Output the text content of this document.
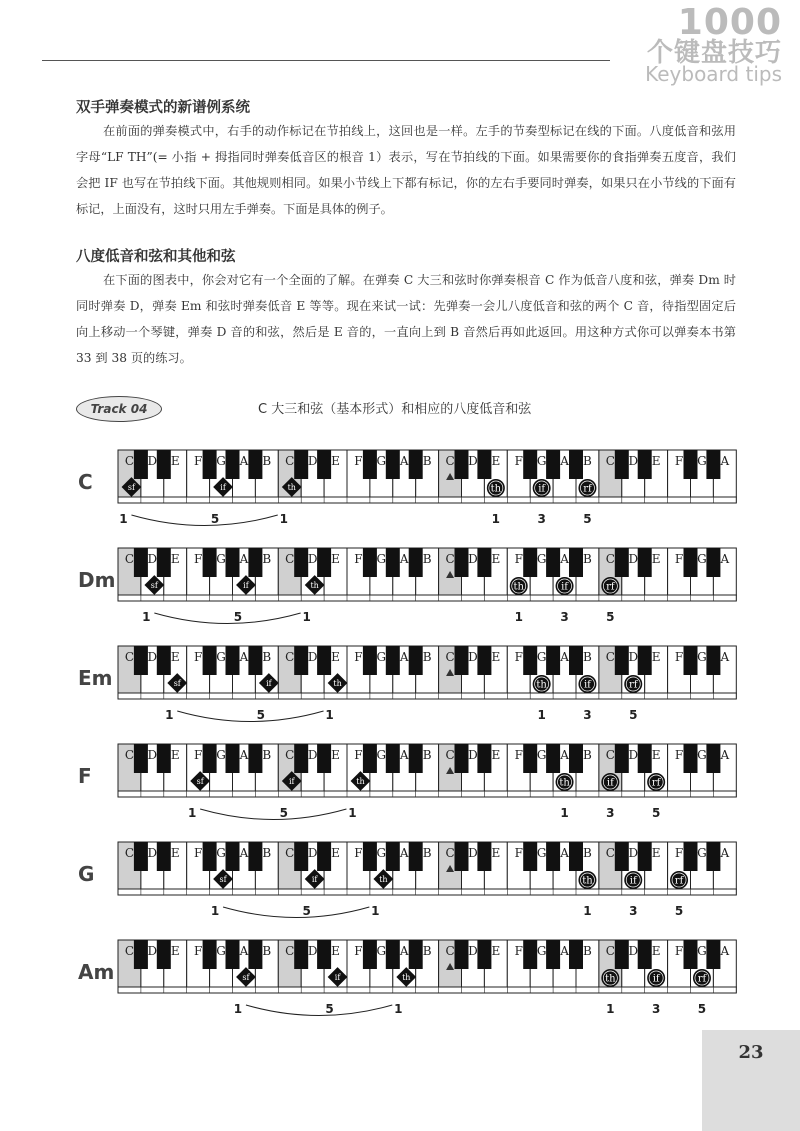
1000
个键盘技巧
Keyboard tips
双手弹奏模式的新谱例系统

在前面的弹奏模式中，右手的动作标记在节拍线上，这回也是一样。左手的节奏型标记在线的下面。八度低音和弦用字母“LF TH”(= 小指 + 拇指同时弹奏低音区的根音 1）表示，写在节拍线的下面。如果需要你的食指弹奏五度音，我们会把 IF 也写在节拍线下面。其他规则相同。如果小节线上下都有标记，你的左右手要同时弹奏，如果只在小节线的下面有标记，上面没有，这时只用左手弹奏。下面是具体的例子。

八度低音和弦和其他和弦

在下面的图表中，你会对它有一个全面的了解。在弹奏 C 大三和弦时你弹奏根音 C 作为低音八度和弦，弹奏 Dm 时同时弹奏 D，弹奏 Em 和弦时弹奏低音 E 等等。现在来试一试：先弹奏一会儿八度低音和弦的两个 C 音，待指型固定后向上移动一个琴键，弹奏 D 音的和弦，然后是 E 音的，一直向上到 B 音然后再如此返回。用这种方式你可以弹奏本书第 33 到 38 页的练习。

Track 04	C 大三和弦（基本形式）和相应的八度低音和弦
C
C D E F G A B C D E F G A B C D E F G A B C D E F G A
sf	if	th	th	if	rf
1	5	1	1	3	5
Dm
C D E F G A B C D E F G A B C D E F G A B C D E F G A
sf	if	th	th	if	rf
1	5	1	1	3	5
Em
C D E F G A B C D E F G A B C D E F G A B C D E F G A
sf	if	th	th	if	rf
1	5	1	1	3	5
F
C D E F G A B C D E F G A B C D E F G A B C D E F G A
sf	if	th	th	if	rf
1	5	1	1	3	5
G
C D E F G A B C D E F G A B C D E F G A B C D E F G A
sf	if	th	th	if	rf
1	5	1	1	3	5
Am
C D E F G A B C D E F G A B C D E F G A B C D E F G A
sf	if	th	th	if	rf
1	5	1	1	3	5
23
